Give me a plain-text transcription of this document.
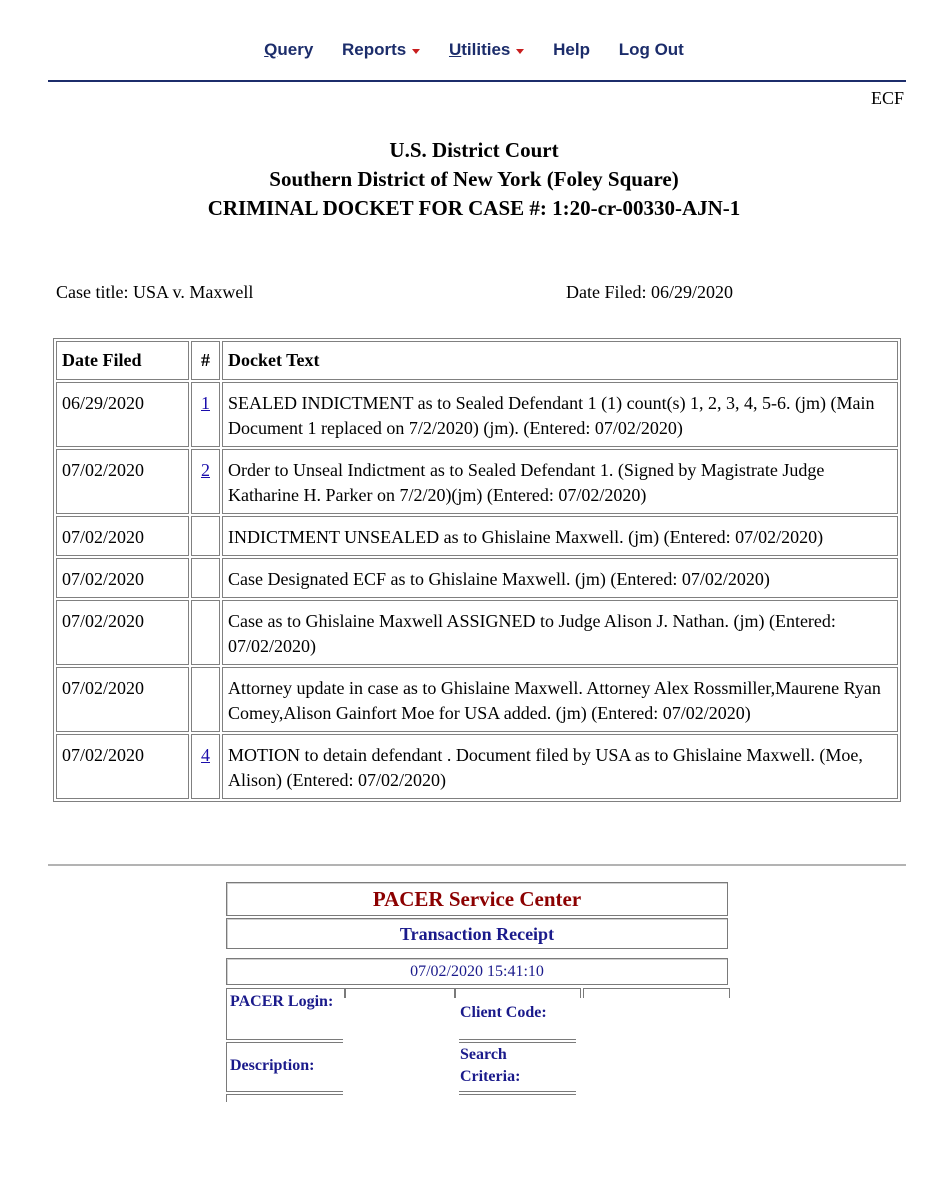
Query Reports	Utilities	Help Log Out
ECF
U.S. District Court
Southern District of New York (Foley Square)
CRIMINAL DOCKET FOR CASE #: 1:20-cr-00330-AJN-1
Case title: USA v. Maxwell	Date Filed: 06/29/2020
Date Filed	#	Docket Text
06/29/2020	1	SEALED INDICTMENT as to Sealed Defendant 1 (1) count(s) 1, 2, 3, 4, 5-6. (jm) (Main Document 1 replaced on 7/2/2020) (jm). (Entered: 07/02/2020)
07/02/2020	2	Order to Unseal Indictment as to Sealed Defendant 1. (Signed by Magistrate Judge Katharine H. Parker on 7/2/20)(jm) (Entered: 07/02/2020)
07/02/2020		INDICTMENT UNSEALED as to Ghislaine Maxwell. (jm) (Entered: 07/02/2020)
07/02/2020		Case Designated ECF as to Ghislaine Maxwell. (jm) (Entered: 07/02/2020)
07/02/2020		Case as to Ghislaine Maxwell ASSIGNED to Judge Alison J. Nathan. (jm) (Entered: 07/02/2020)
07/02/2020		Attorney update in case as to Ghislaine Maxwell. Attorney Alex Rossmiller,Maurene Ryan Comey,Alison Gainfort Moe for USA added. (jm) (Entered: 07/02/2020)
07/02/2020	4	MOTION to detain defendant . Document filed by USA as to Ghislaine Maxwell. (Moe, Alison) (Entered: 07/02/2020)
PACER Service Center
Transaction Receipt
07/02/2020 15:41:10
PACER Login:
Description:
Client Code:
Search Criteria:
